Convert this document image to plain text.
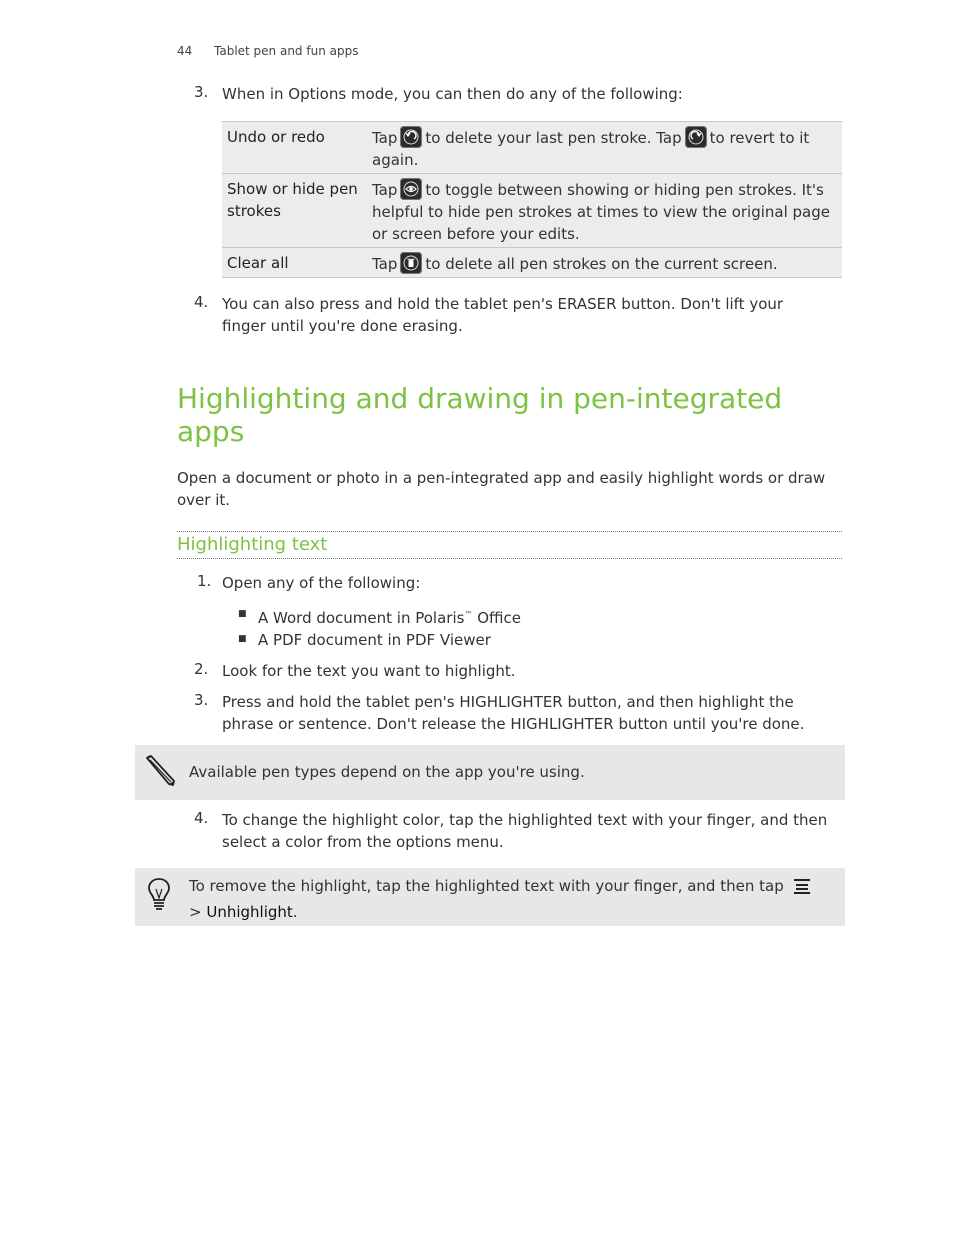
44 Tablet pen and fun apps
3. When in Options mode, you can then do any of the following:
Undo or redo	Tap to delete your last pen stroke. Tap to revert to it again.
Show or hide pen strokes	Tap to toggle between showing or hiding pen strokes. It's helpful to hide pen strokes at times to view the original page or screen before your edits.
Clear all	Tap to delete all pen strokes on the current screen.
4. You can also press and hold the tablet pen's ERASER button. Don't lift your finger until you're done erasing.
Highlighting and drawing in pen-integrated apps
Open a document or photo in a pen-integrated app and easily highlight words or draw over it.
Highlighting text
1. Open any of the following:
■ A Word document in Polaris™ Office
■ A PDF document in PDF Viewer
2. Look for the text you want to highlight.
3. Press and hold the tablet pen's HIGHLIGHTER button, and then highlight the phrase or sentence. Don't release the HIGHLIGHTER button until you're done.
Available pen types depend on the app you're using.
4. To change the highlight color, tap the highlighted text with your finger, and then select a color from the options menu.
To remove the highlight, tap the highlighted text with your finger, and then tap
> Unhighlight.
